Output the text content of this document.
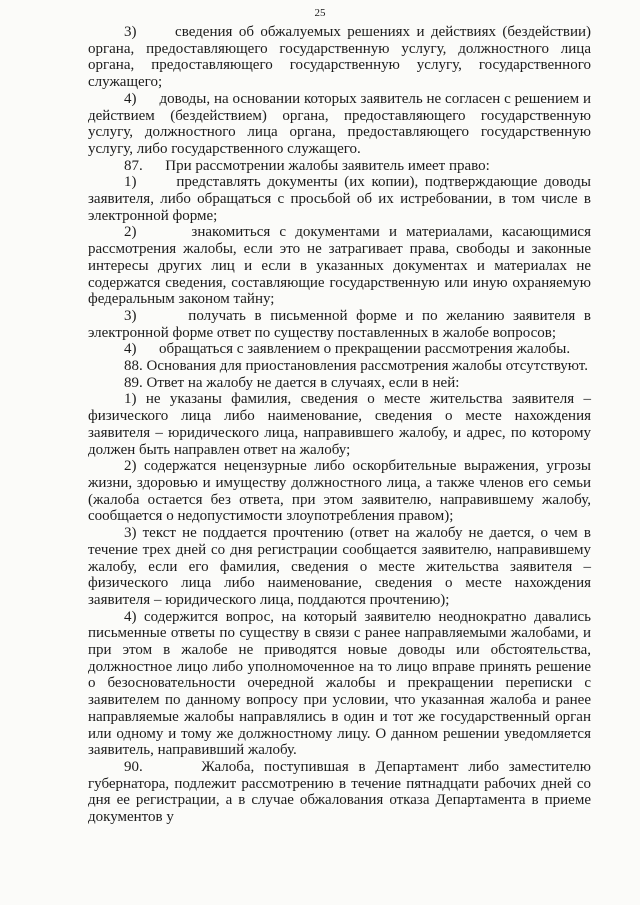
25

3)      сведения об обжалуемых решениях и действиях (бездействии) органа, предоставляющего государственную услугу, должностного лица органа, предоставляющего государственную услугу, государственного служащего;

4)      доводы, на основании которых заявитель не согласен с решением и действием (бездействием) органа, предоставляющего государственную услугу, должностного лица органа, предоставляющего государственную услугу, либо государственного служащего.

87.      При рассмотрении жалобы заявитель имеет право:

1)      представлять документы (их копии), подтверждающие доводы заявителя, либо обращаться с просьбой об их истребовании, в том числе в электронной форме;

2)      знакомиться с документами и материалами, касающимися рассмотрения жалобы, если это не затрагивает права, свободы и законные интересы других лиц и если в указанных документах и материалах не содержатся сведения, составляющие государственную или иную охраняемую федеральным законом тайну;

3)      получать в письменной форме и по желанию заявителя в электронной форме ответ по существу поставленных в жалобе вопросов;

4)      обращаться с заявлением о прекращении рассмотрения жалобы.

88. Основания для приостановления рассмотрения жалобы отсутствуют.

89. Ответ на жалобу не дается в случаях, если в ней:

1) не указаны фамилия, сведения о месте жительства заявителя – физического лица либо наименование, сведения о месте нахождения заявителя – юридического лица, направившего жалобу, и адрес, по которому должен быть направлен ответ на жалобу;

2) содержатся нецензурные либо оскорбительные выражения, угрозы жизни, здоровью и имуществу должностного лица, а также членов его семьи (жалоба остается без ответа, при этом заявителю, направившему жалобу, сообщается о недопустимости злоупотребления правом);

3) текст не поддается прочтению (ответ на жалобу не дается, о чем в течение трех дней со дня регистрации сообщается заявителю, направившему жалобу, если его фамилия, сведения о месте жительства заявителя – физического лица либо наименование, сведения о месте нахождения заявителя – юридического лица, поддаются прочтению);

4) содержится вопрос, на который заявителю неоднократно давались письменные ответы по существу в связи с ранее направляемыми жалобами, и при этом в жалобе не приводятся новые доводы или обстоятельства, должностное лицо либо уполномоченное на то лицо вправе принять решение о безосновательности очередной жалобы и прекращении переписки с заявителем по данному вопросу при условии, что указанная жалоба и ранее направляемые жалобы направлялись в один и тот же государственный орган или одному и тому же должностному лицу. О данном решении уведомляется заявитель, направивший жалобу.

90.      Жалоба, поступившая в Департамент либо заместителю губернатора, подлежит рассмотрению в течение пятнадцати рабочих дней со дня ее регистрации, а в случае обжалования отказа Департамента в приеме документов у
